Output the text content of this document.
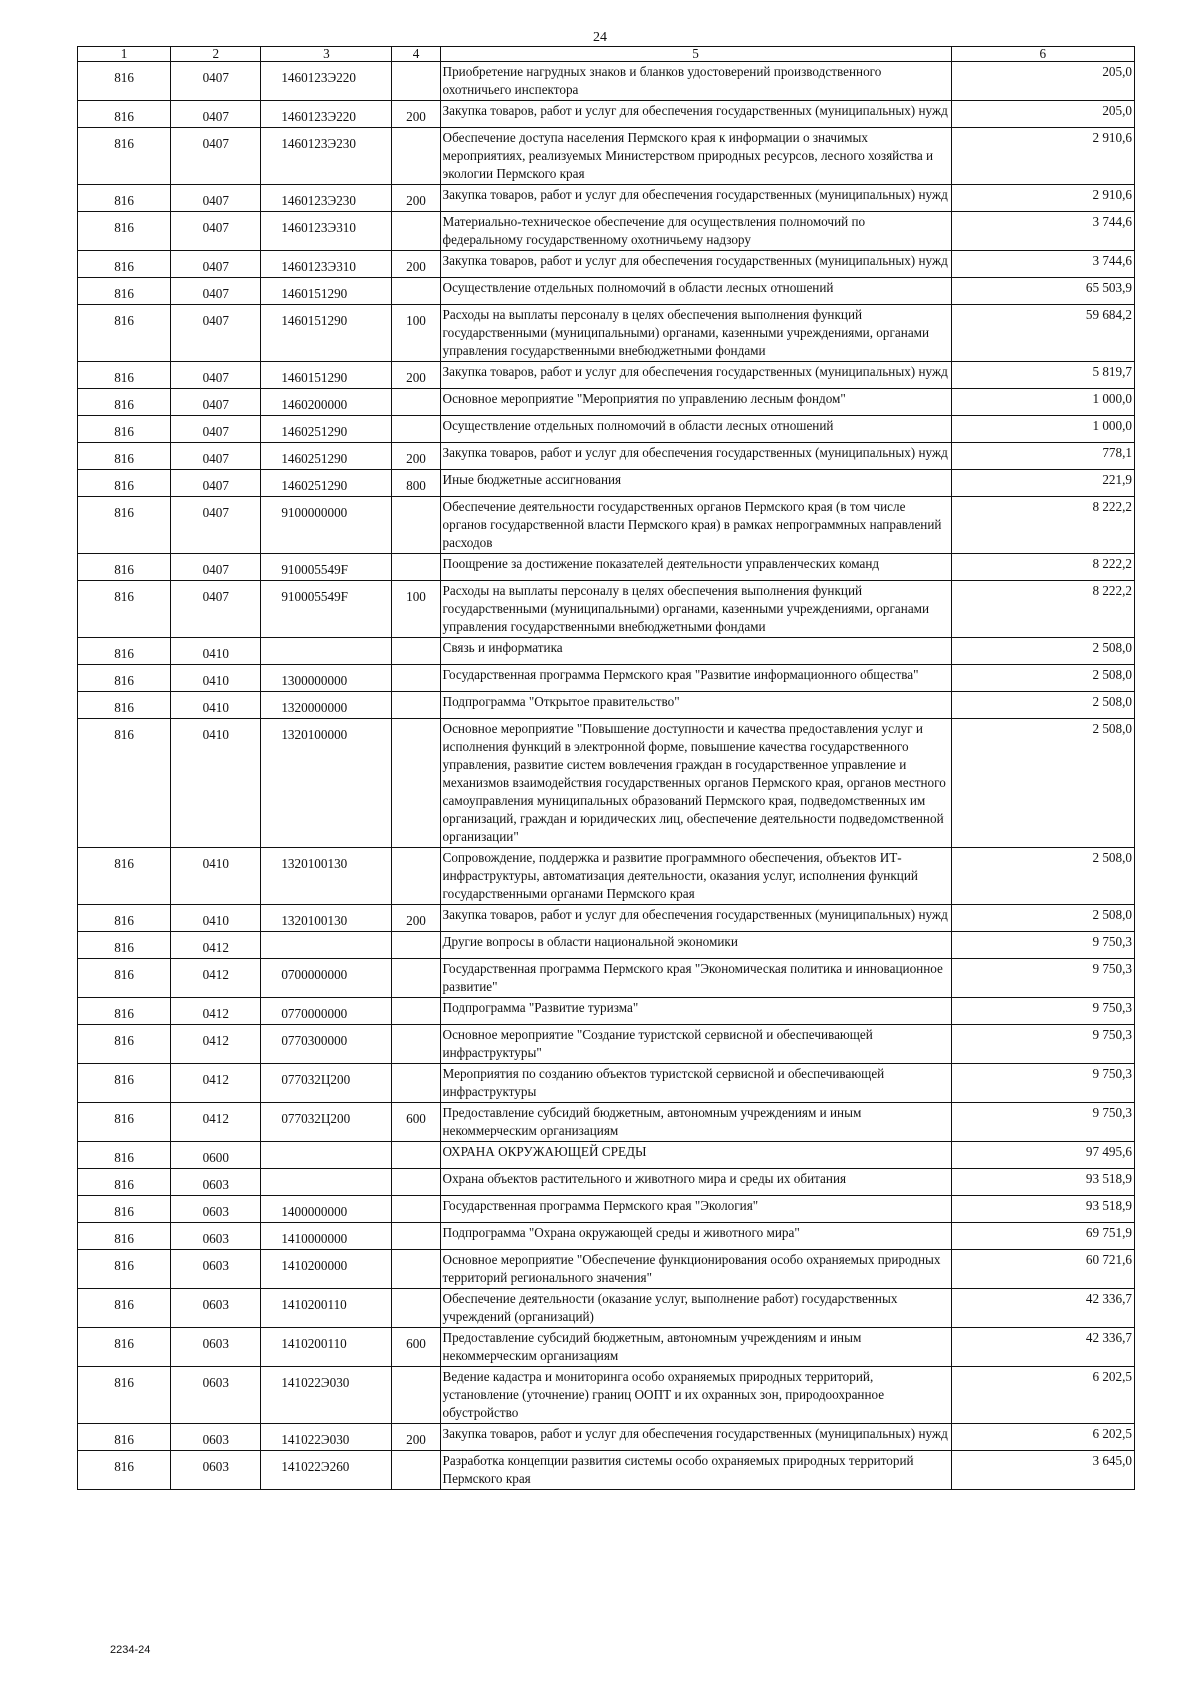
24
1	2	3	4	5	6
816	0407	1460123Э220		Приобретение нагрудных знаков и бланков удостоверений производственного охотничьего инспектора	205,0
816	0407	1460123Э220	200	Закупка товаров, работ и услуг для обеспечения государственных (муниципальных) нужд	205,0
816	0407	1460123Э230		Обеспечение доступа населения Пермского края к информации о значимых мероприятиях, реализуемых Министерством природных ресурсов, лесного хозяйства и экологии Пермского края	2 910,6
816	0407	1460123Э230	200	Закупка товаров, работ и услуг для обеспечения государственных (муниципальных) нужд	2 910,6
816	0407	1460123Э310		Материально-техническое обеспечение для осуществления полномочий по федеральному государственному охотничьему надзору	3 744,6
816	0407	1460123Э310	200	Закупка товаров, работ и услуг для обеспечения государственных (муниципальных) нужд	3 744,6
816	0407	1460151290		Осуществление отдельных полномочий в области лесных отношений	65 503,9
816	0407	1460151290	100	Расходы на выплаты персоналу в целях обеспечения выполнения функций государственными (муниципальными) органами, казенными учреждениями, органами управления государственными внебюджетными фондами	59 684,2
816	0407	1460151290	200	Закупка товаров, работ и услуг для обеспечения государственных (муниципальных) нужд	5 819,7
816	0407	1460200000		Основное мероприятие "Мероприятия по управлению лесным фондом"	1 000,0
816	0407	1460251290		Осуществление отдельных полномочий в области лесных отношений	1 000,0
816	0407	1460251290	200	Закупка товаров, работ и услуг для обеспечения государственных (муниципальных) нужд	778,1
816	0407	1460251290	800	Иные бюджетные ассигнования	221,9
816	0407	9100000000		Обеспечение деятельности государственных органов Пермского края (в том числе органов государственной власти Пермского края) в рамках непрограммных направлений расходов	8 222,2
816	0407	910005549F		Поощрение за достижение показателей деятельности управленческих команд	8 222,2
816	0407	910005549F	100	Расходы на выплаты персоналу в целях обеспечения выполнения функций государственными (муниципальными) органами, казенными учреждениями, органами управления государственными внебюджетными фондами	8 222,2
816	0410			Связь и информатика	2 508,0
816	0410	1300000000		Государственная программа Пермского края "Развитие информационного общества"	2 508,0
816	0410	1320000000		Подпрограмма "Открытое правительство"	2 508,0
816	0410	1320100000		Основное мероприятие "Повышение доступности и качества предоставления услуг и исполнения функций в электронной форме, повышение качества государственного управления, развитие систем вовлечения граждан в государственное управление и механизмов взаимодействия государственных органов Пермского края, органов местного самоуправления муниципальных образований Пермского края, подведомственных им организаций, граждан и юридических лиц, обеспечение деятельности подведомственной организации"	2 508,0
816	0410	1320100130		Сопровождение, поддержка и развитие программного обеспечения, объектов ИТ-инфраструктуры, автоматизация деятельности, оказания услуг, исполнения функций государственными органами Пермского края	2 508,0
816	0410	1320100130	200	Закупка товаров, работ и услуг для обеспечения государственных (муниципальных) нужд	2 508,0
816	0412			Другие вопросы в области национальной экономики	9 750,3
816	0412	0700000000		Государственная программа Пермского края "Экономическая политика и инновационное развитие"	9 750,3
816	0412	0770000000		Подпрограмма "Развитие туризма"	9 750,3
816	0412	0770300000		Основное мероприятие "Создание туристской сервисной и обеспечивающей инфраструктуры"	9 750,3
816	0412	077032Ц200		Мероприятия по созданию объектов туристской сервисной и обеспечивающей инфраструктуры	9 750,3
816	0412	077032Ц200	600	Предоставление субсидий бюджетным, автономным учреждениям и иным некоммерческим организациям	9 750,3
816	0600			ОХРАНА ОКРУЖАЮЩЕЙ СРЕДЫ	97 495,6
816	0603			Охрана объектов растительного и животного мира и среды их обитания	93 518,9
816	0603	1400000000		Государственная программа Пермского края "Экология"	93 518,9
816	0603	1410000000		Подпрограмма "Охрана окружающей среды и животного мира"	69 751,9
816	0603	1410200000		Основное мероприятие "Обеспечение функционирования особо охраняемых природных территорий регионального значения"	60 721,6
816	0603	1410200110		Обеспечение деятельности (оказание услуг, выполнение работ) государственных учреждений (организаций)	42 336,7
816	0603	1410200110	600	Предоставление субсидий бюджетным, автономным учреждениям и иным некоммерческим организациям	42 336,7
816	0603	141022Э030		Ведение кадастра и мониторинга особо охраняемых природных территорий, установление (уточнение) границ ООПТ и их охранных зон, природоохранное обустройство	6 202,5
816	0603	141022Э030	200	Закупка товаров, работ и услуг для обеспечения государственных (муниципальных) нужд	6 202,5
816	0603	141022Э260		Разработка концепции развития системы особо охраняемых природных территорий Пермского края	3 645,0
2234-24
